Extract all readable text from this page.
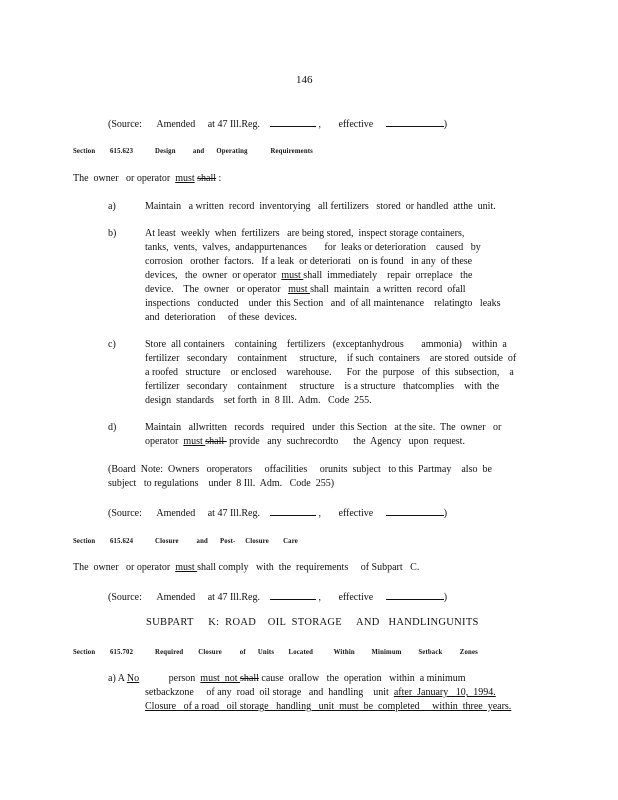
146
(Source: Amended at 47 Ill.Reg.	, effective	)
Section 615.623	Design and Operating	Requirements
The  owner   or operator  must shall :
a)	Maintain   a written  record  inventorying   all fertilizers   stored  or handled  atthe  unit.
b)	At least  weekly  when  fertilizers   are being stored,  inspect storage containers,
tanks,  vents,  valves,  andappurtenances       for  leaks or deterioration    caused   by
corrosion   orother  factors.   If a leak  or deteriorati   on is found   in any  of these
devices,   the  owner  or operator  must shall  immediately    repair  orreplace   the
device.    The  owner   or operator   must shall  maintain   a written  record  ofall
inspections   conducted    under  this Section   and  of all maintenance    relatingto   leaks
and  deterioration     of these  devices.
c)	Store  all containers    containing    fertilizers   (exceptanhydrous       ammonia)    within  a
fertilizer   secondary    containment     structure,    if such  containers    are stored  outside  of
a roofed   structure    or enclosed    warehouse.      For  the  purpose   of  this  subsection,    a
fertilizer   secondary    containment     structure    is a structure   thatcomplies    with  the
design  standards    set forth  in  8 Ill.  Adm.   Code  255.
d)	Maintain   allwritten   records   required   under  this Section   at the site.  The  owner   or
operator  must shall  provide   any  suchrecordto      the  Agency   upon  request.
(Board  Note:  Owners   oroperators     offacilities     orunits  subject   to this  Partmay    also  be
subject   to regulations    under  8 Ill.  Adm.   Code  255)
(Source: Amended at 47 Ill.Reg.	, effective	)
Section 615.624	Closure and Post- Closure Care
The  owner   or operator  must shall comply   with  the  requirements     of Subpart   C.
(Source: Amended at 47 Ill.Reg.	, effective	)
SUBPART     K:  ROAD    OIL  STORAGE     AND   HANDLINGUNITS
Section 615.702	Required Closure of Units Located	Within Minimum Setback Zones
a) A No       person  must  not shall cause  orallow   the  operation   within  a minimum
setbackzone     of any  road  oil storage   and  handling    unit  after  January   10,  1994.
Closure   of a road   oil storage   handling   unit  must  be  completed     within  three  years.
